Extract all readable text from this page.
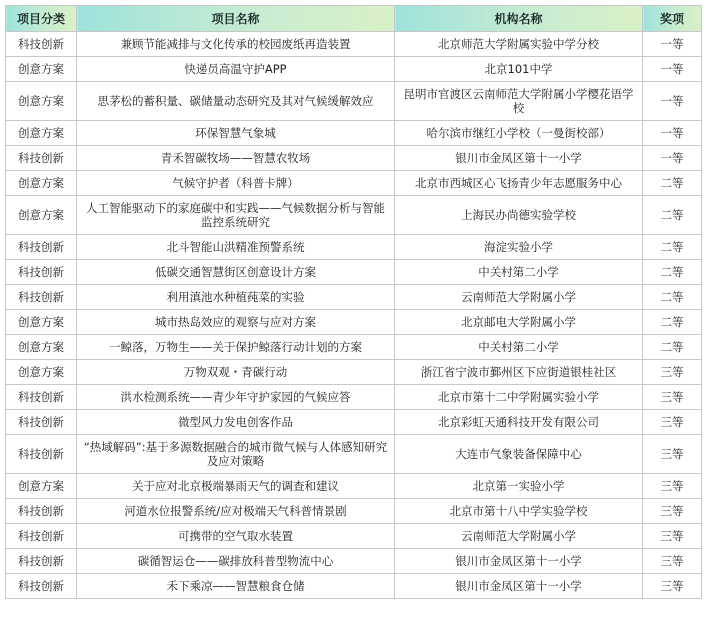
项目分类	项目名称	机构名称	奖项
科技创新	兼顾节能减排与文化传承的校园废纸再造装置	北京师范大学附属实验中学分校	一等
创意方案	快递员高温守护APP	北京101中学	一等
创意方案	思茅松的蓄积量、碳储量动态研究及其对气候缓解效应	昆明市官渡区云南师范大学附属小学樱花语学校	一等
创意方案	环保智慧气象城	哈尔滨市继红小学校（一曼街校部）	一等
科技创新	青禾智碳牧场——智慧农牧场	银川市金凤区第十一小学	一等
创意方案	气候守护者（科普卡牌）	北京市西城区心飞扬青少年志愿服务中心	二等
创意方案	人工智能驱动下的家庭碳中和实践——气候数据分析与智能监控系统研究	上海民办尚德实验学校	二等
科技创新	北斗智能山洪精准预警系统	海淀实验小学	二等
科技创新	低碳交通智慧街区创意设计方案	中关村第二小学	二等
科技创新	利用滇池水种植莼菜的实验	云南师范大学附属小学	二等
创意方案	城市热岛效应的观察与应对方案	北京邮电大学附属小学	二等
创意方案	一鲸落，万物生——关于保护鲸落行动计划的方案	中关村第二小学	二等
创意方案	万物双观・青碳行动	浙江省宁波市鄞州区下应街道银桂社区	三等
科技创新	洪水检测系统——青少年守护家园的气候应答	北京市第十二中学附属实验小学	三等
科技创新	微型风力发电创客作品	北京彩虹天通科技开发有限公司	三等
科技创新	“热域解码”:基于多源数据融合的城市微气候与人体感知研究及应对策略	大连市气象装备保障中心	三等
创意方案	关于应对北京极端暴雨天气的调查和建议	北京第一实验小学	三等
科技创新	河道水位报警系统/应对极端天气科普情景剧	北京市第十八中学实验学校	三等
科技创新	可携带的空气取水装置	云南师范大学附属小学	三等
科技创新	碳循智运仓——碳排放科普型物流中心	银川市金凤区第十一小学	三等
科技创新	禾下乘凉——智慧粮食仓储	银川市金凤区第十一小学	三等
